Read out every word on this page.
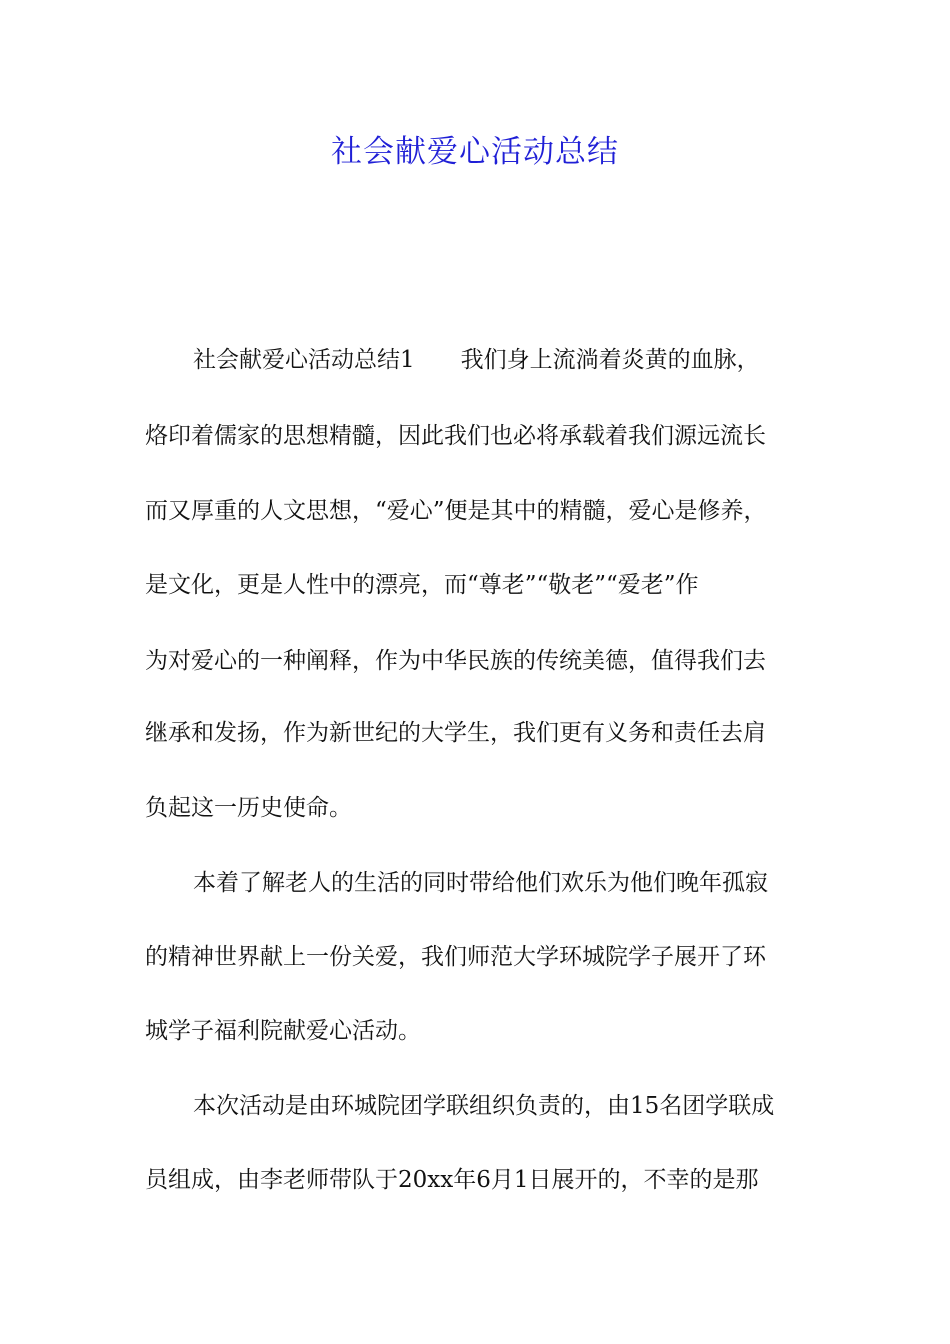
社会献爱心活动总结

社会献爱心活动总结1　　我们身上流淌着炎黄的血脉，

烙印着儒家的思想精髓，因此我们也必将承载着我们源远流长

而又厚重的人文思想，“爱心”便是其中的精髓，爱心是修养，

是文化，更是人性中的漂亮，而“尊老”“敬老”“爱老”作

为对爱心的一种阐释，作为中华民族的传统美德，值得我们去

继承和发扬，作为新世纪的大学生，我们更有义务和责任去肩

负起这一历史使命。

本着了解老人的生活的同时带给他们欢乐为他们晚年孤寂

的精神世界献上一份关爱，我们师范大学环城院学子展开了环

城学子福利院献爱心活动。

本次活动是由环城院团学联组织负责的，由15名团学联成

员组成，由李老师带队于20xx年6月1日展开的，不幸的是那
